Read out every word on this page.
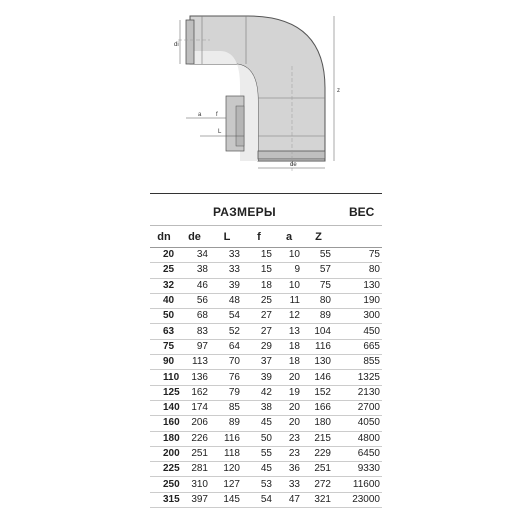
di
z
a f
L
de
РАЗМЕРЫ	ВЕС
dn	de	L	f	a	Z	
20	34	33	15	10	55	75
25	38	33	15	9	57	80
32	46	39	18	10	75	130
40	56	48	25	11	80	190
50	68	54	27	12	89	300
63	83	52	27	13	104	450
75	97	64	29	18	116	665
90	113	70	37	18	130	855
110	136	76	39	20	146	1325
125	162	79	42	19	152	2130
140	174	85	38	20	166	2700
160	206	89	45	20	180	4050
180	226	116	50	23	215	4800
200	251	118	55	23	229	6450
225	281	120	45	36	251	9330
250	310	127	53	33	272	11600
315	397	145	54	47	321	23000
